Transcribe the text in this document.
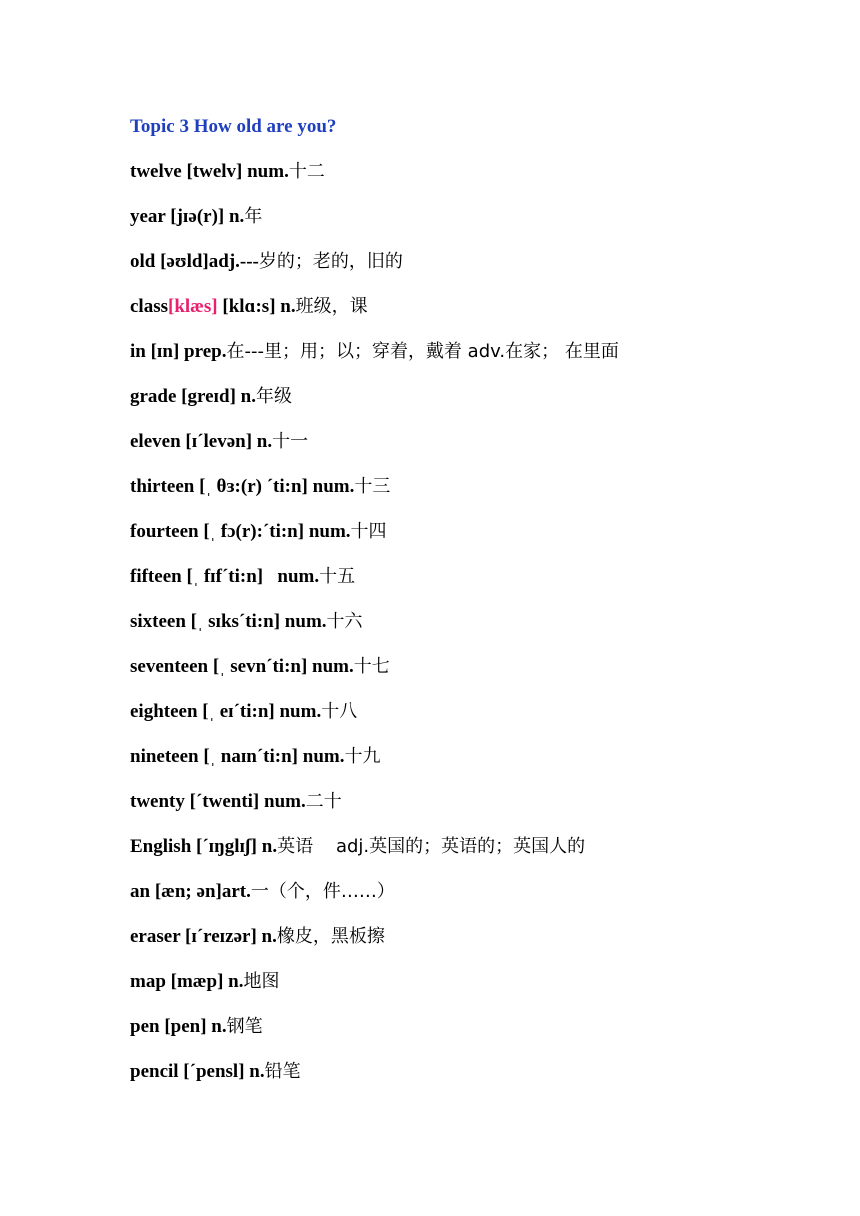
Topic 3 How old are you?
twelve [twelv] num.十二
year [jɪə(r)] n.年
old [əʊld]adj.---岁的；老的，旧的
class[klæs] [klɑ:s] n.班级，课
in [ɪn] prep.在---里；用；以；穿着，戴着 adv.在家； 在里面
grade [greɪd] n.年级
eleven [ɪˊlevən] n.十一
thirteen [ˌ θɜ:(r) ˊti:n] num.十三
fourteen [ˌ fɔ(r):ˊti:n] num.十四
fifteen [ˌ fɪfˊti:n]   num.十五
sixteen [ˌ sɪksˊti:n] num.十六
seventeen [ˌ sevnˊti:n] num.十七
eighteen [ˌ eɪˊti:n] num.十八
nineteen [ˌ naɪnˊti:n] num.十九
twenty [ˊtwenti] num.二十
English [ˊɪŋglɪʃ] n.英语    adj.英国的；英语的；英国人的
an [æn; ən]art.一（个，件……）
eraser [ɪˊreɪzər] n.橡皮，黑板擦
map [mæp] n.地图
pen [pen] n.钢笔
pencil [ˊpensl] n.铅笔
